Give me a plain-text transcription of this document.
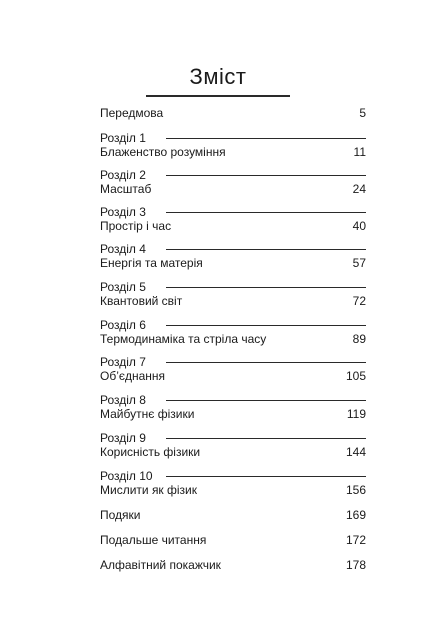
Зміст
Передмова	5
Розділ 1
Блаженство розуміння	11
Розділ 2
Масштаб	24
Розділ 3
Простір і час	40
Розділ 4
Енергія та матерія	57
Розділ 5
Квантовий світ	72
Розділ 6
Термодинаміка та стріла часу	89
Розділ 7
Об’єднання	105
Розділ 8
Майбутнє фізики	119
Розділ 9
Корисність фізики	144
Розділ 10
Мислити як фізик	156
Подяки	169
Подальше читання	172
Алфавітний покажчик	178
